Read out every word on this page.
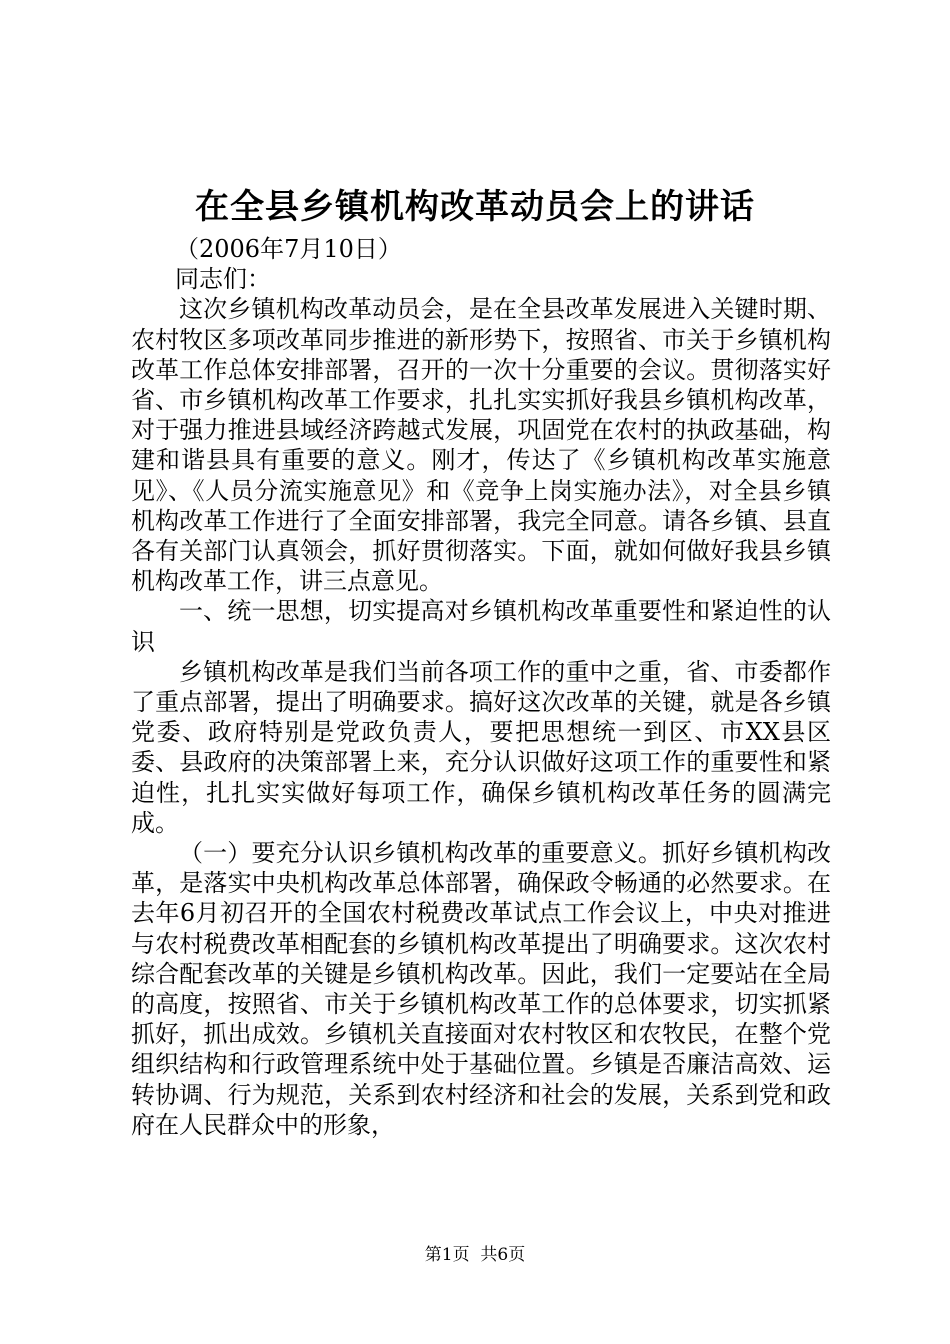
在全县乡镇机构改革动员会上的讲话

（2006年7月10日）

同志们：

这次乡镇机构改革动员会，是在全县改革发展进入关键时期、农村牧区多项改革同步推进的新形势下，按照省、市关于乡镇机构改革工作总体安排部署，召开的一次十分重要的会议。贯彻落实好省、市乡镇机构改革工作要求，扎扎实实抓好我县乡镇机构改革，对于强力推进县域经济跨越式发展，巩固党在农村的执政基础，构建和谐县具有重要的意义。刚才，传达了《乡镇机构改革实施意见》、《人员分流实施意见》和《竞争上岗实施办法》，对全县乡镇机构改革工作进行了全面安排部署，我完全同意。请各乡镇、县直各有关部门认真领会，抓好贯彻落实。下面，就如何做好我县乡镇机构改革工作，讲三点意见。

一、统一思想，切实提高对乡镇机构改革重要性和紧迫性的认识

乡镇机构改革是我们当前各项工作的重中之重，省、市委都作了重点部署，提出了明确要求。搞好这次改革的关键，就是各乡镇党委、政府特别是党政负责人，要把思想统一到区、市XX县区委、县政府的决策部署上来，充分认识做好这项工作的重要性和紧迫性，扎扎实实做好每项工作，确保乡镇机构改革任务的圆满完成。

（一）要充分认识乡镇机构改革的重要意义。抓好乡镇机构改革，是落实中央机构改革总体部署，确保政令畅通的必然要求。在去年6月初召开的全国农村税费改革试点工作会议上，中央对推进与农村税费改革相配套的乡镇机构改革提出了明确要求。这次农村综合配套改革的关键是乡镇机构改革。因此，我们一定要站在全局的高度，按照省、市关于乡镇机构改革工作的总体要求，切实抓紧抓好，抓出成效。乡镇机关直接面对农村牧区和农牧民，在整个党组织结构和行政管理系统中处于基础位置。乡镇是否廉洁高效、运转协调、行为规范，关系到农村经济和社会的发展，关系到党和政府在人民群众中的形象，

第1页  共6页
